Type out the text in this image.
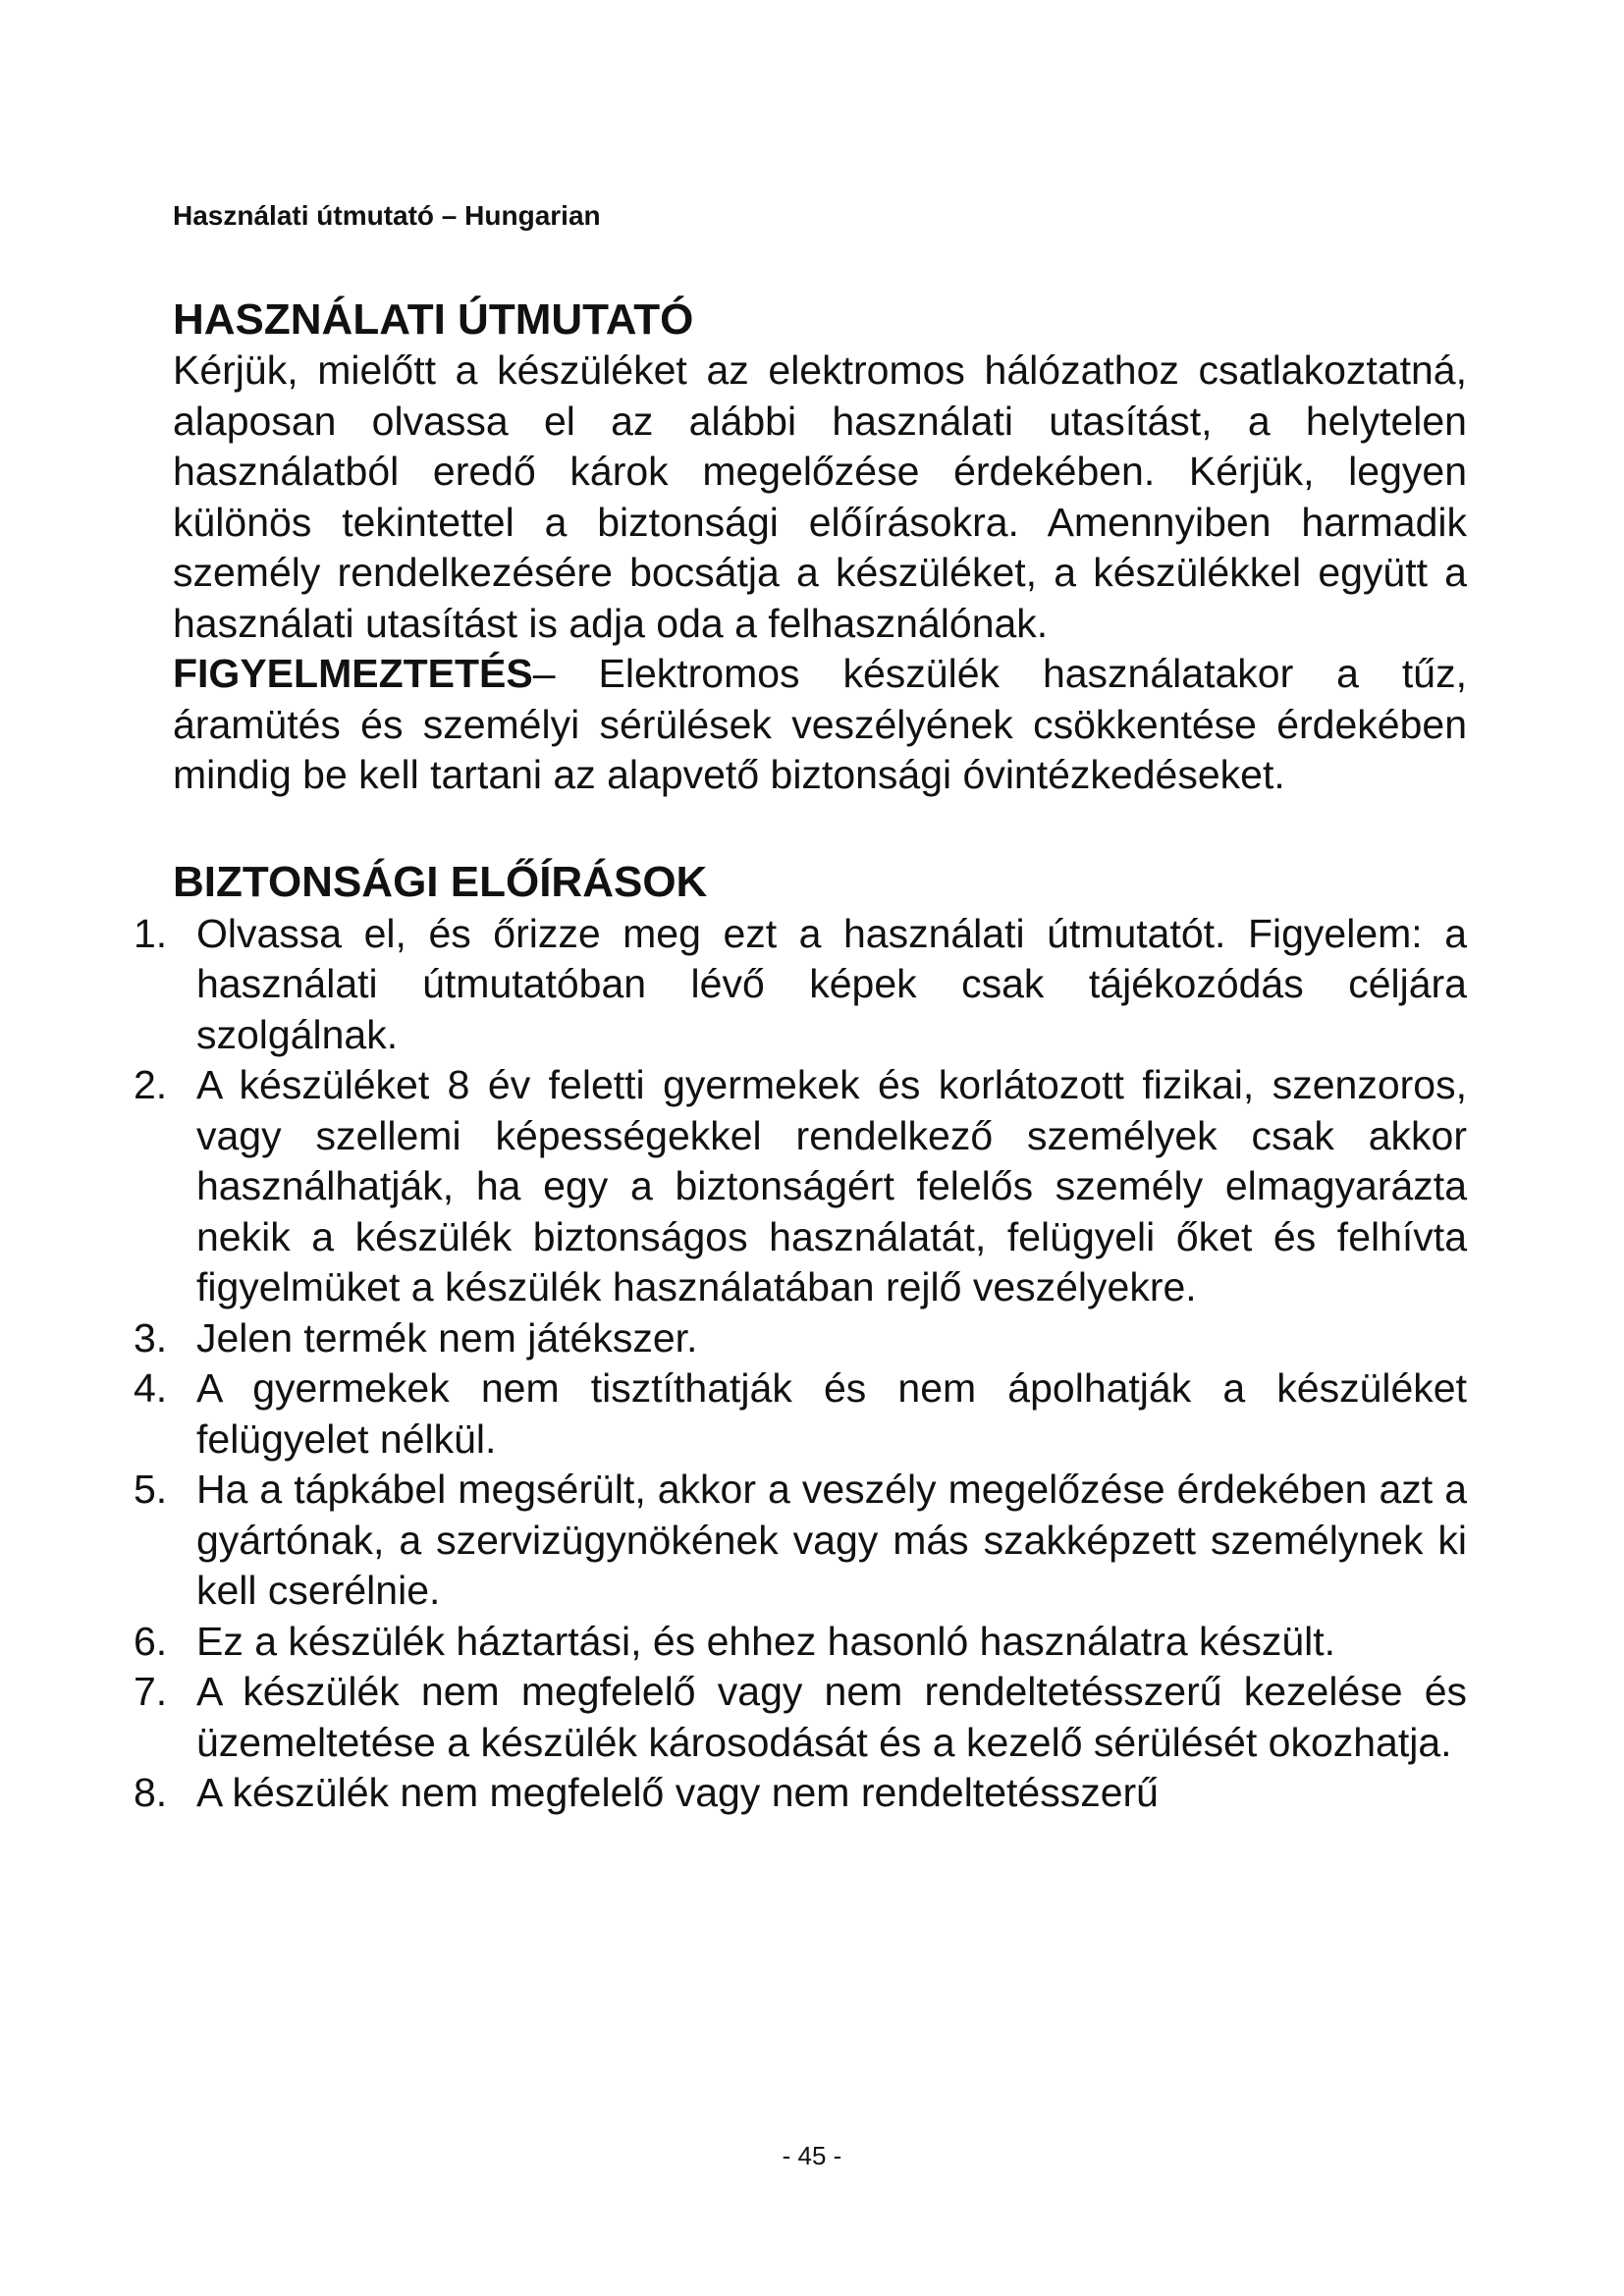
Használati útmutató – Hungarian
HASZNÁLATI ÚTMUTATÓ

Kérjük, mielőtt a készüléket az elektromos hálózathoz csatlakoztatná, alaposan olvassa el az alábbi használati utasítást, a helytelen használatból eredő károk megelőzése érdekében. Kérjük, legyen különös tekintettel a biztonsági előírásokra. Amennyiben harmadik személy rendelkezésére bocsátja a készüléket, a készülékkel együtt a használati utasítást is adja oda a felhasználónak.

FIGYELMEZTETÉS– Elektromos készülék használatakor a tűz, áramütés és személyi sérülések veszélyének csökkentése érdekében mindig be kell tartani az alapvető biztonsági óvintézkedéseket.

BIZTONSÁGI ELŐÍRÁSOK
1. Olvassa el, és őrizze meg ezt a használati útmutatót. Figyelem: a használati útmutatóban lévő képek csak tájékozódás céljára szolgálnak.
2. A készüléket 8 év feletti gyermekek és korlátozott fizikai, szenzoros, vagy szellemi képességekkel rendelkező személyek csak akkor használhatják, ha egy a biztonságért felelős személy elmagyarázta nekik a készülék biztonságos használatát, felügyeli őket és felhívta figyelmüket a készülék használatában rejlő veszélyekre.
3. Jelen termék nem játékszer.
4. A gyermekek nem tisztíthatják és nem ápolhatják a készüléket felügyelet nélkül.
5. Ha a tápkábel megsérült, akkor a veszély megelőzése érdekében azt a gyártónak, a szervizügynökének vagy más szakképzett személynek ki kell cserélnie.
6. Ez a készülék háztartási, és ehhez hasonló használatra készült.
7. A készülék nem megfelelő vagy nem rendeltetésszerű kezelése és üzemeltetése a készülék károsodását és a kezelő sérülését okozhatja.
8. A készülék nem megfelelő vagy nem rendeltetésszerű
- 45 -
